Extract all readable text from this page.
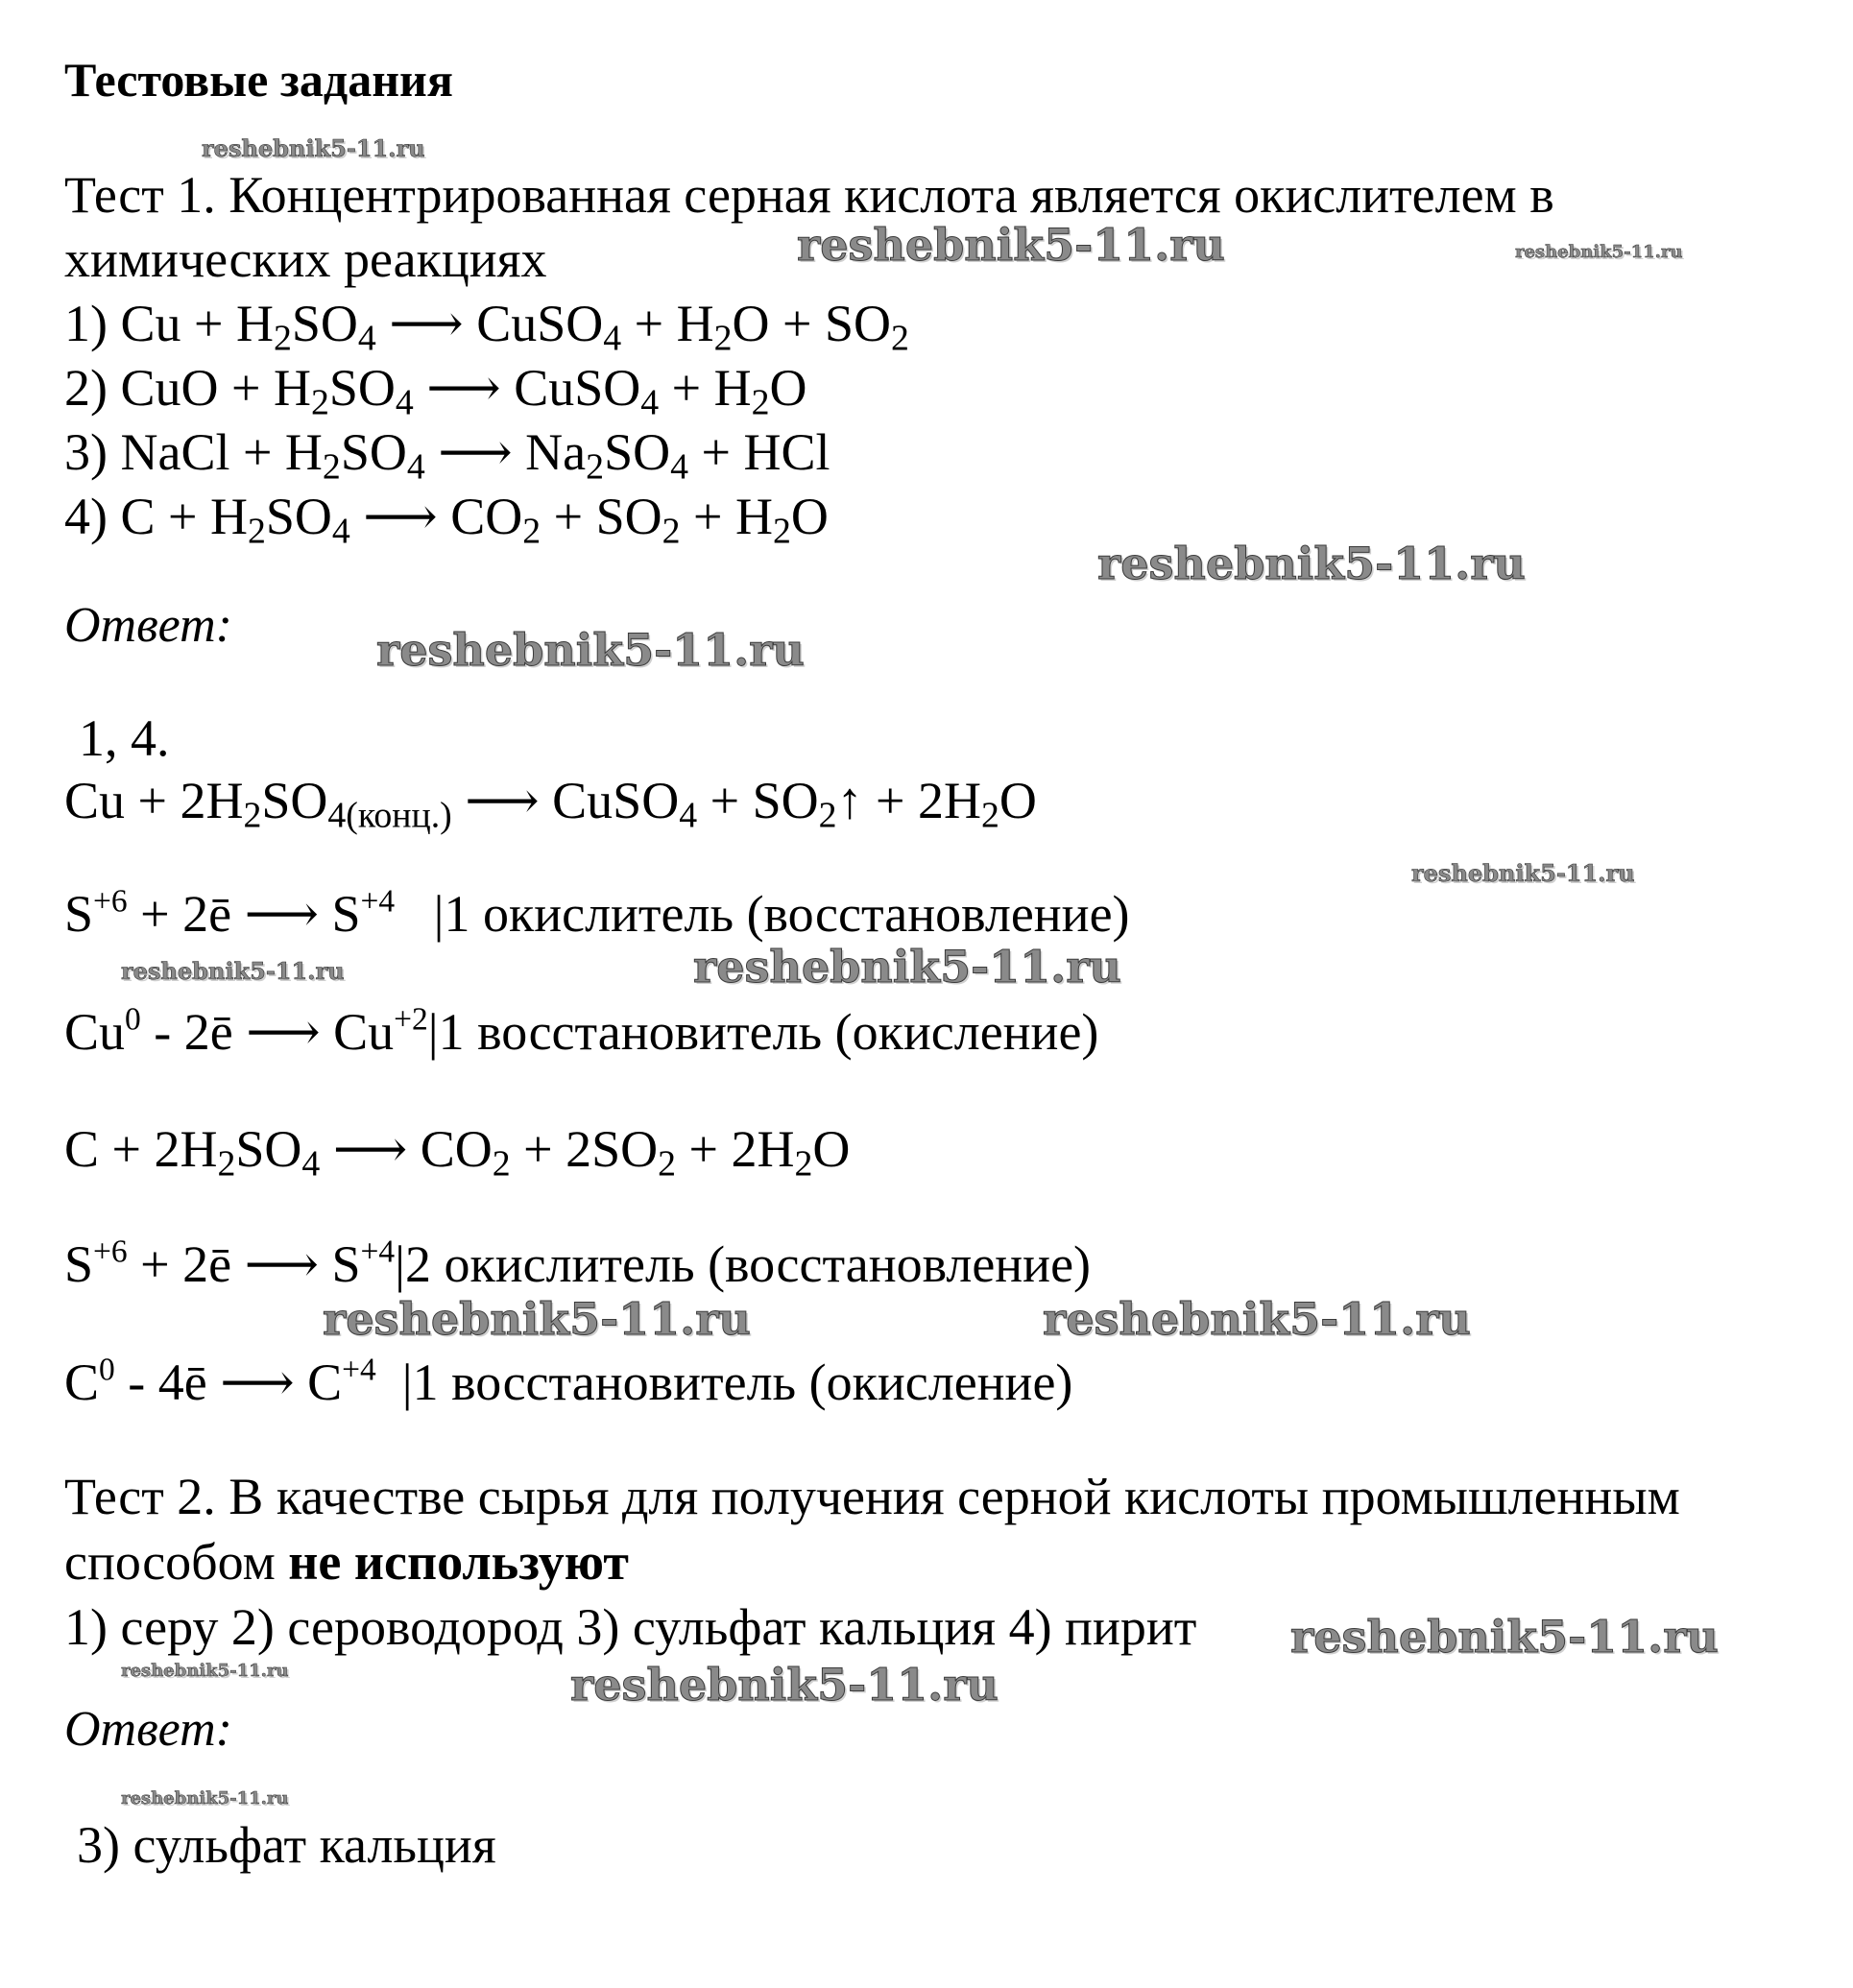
Тестовые задания
Тест 1. Концентрированная серная кислота является окислителем в
химических реакциях
1) $Cu + H_2SO_4$ ⟶ CuSO$_4$ + $H_2O + SO_2$
2) CuO + $H_2SO_4$ ⟶ CuSO$_4$ + $H_2O$
3) NaCl + $H_2SO_4$ ⟶ $Na_2SO_4$ + HCl
4) $C + H_2SO_4$ ⟶ $CO_2 + SO_2 + H_2O$
Ответ:
1, 4.
$Cu + 2H_2SO_{4(конц.)}$ ⟶ CuSO$_4$ + $SO_2↑ + 2H_2O$
$S^{+6}$ + 2ē ⟶ $S^{+4}$ |1 окислитель (восстановление)
Cu$^0$ - 2ē ⟶ $Cu^{+2}|1$ восстановитель (окисление)
$C + 2H_2SO_4$ ⟶ $CO_2 + 2SO_2 + 2H_2O$
$S^{+6}$ + 2ē ⟶ $S^{+4}|2$ окислитель (восстановление)
$C^0$ - 4ē ⟶ $C^{+4}$ |1 восстановитель (окисление)
Тест 2. В качестве сырья для получения серной кислоты промышленным
способом не используют
1) серу 2) сероводород 3) сульфат кальция 4) пирит
Ответ:
3) сульфат кальция
reshebnik5-11.ru
reshebnik5-11.ru	reshebnik5-11.ru
reshebnik5-11.ru
reshebnik5-11.ru
reshebnik5-11.ru
reshebnik5-11.ru	reshebnik5-11.ru
reshebnik5-11.ru	reshebnik5-11.ru
reshebnik5-11.ru
reshebnik5-11.ru	reshebnik5-11.ru
reshebnik5-11.ru
